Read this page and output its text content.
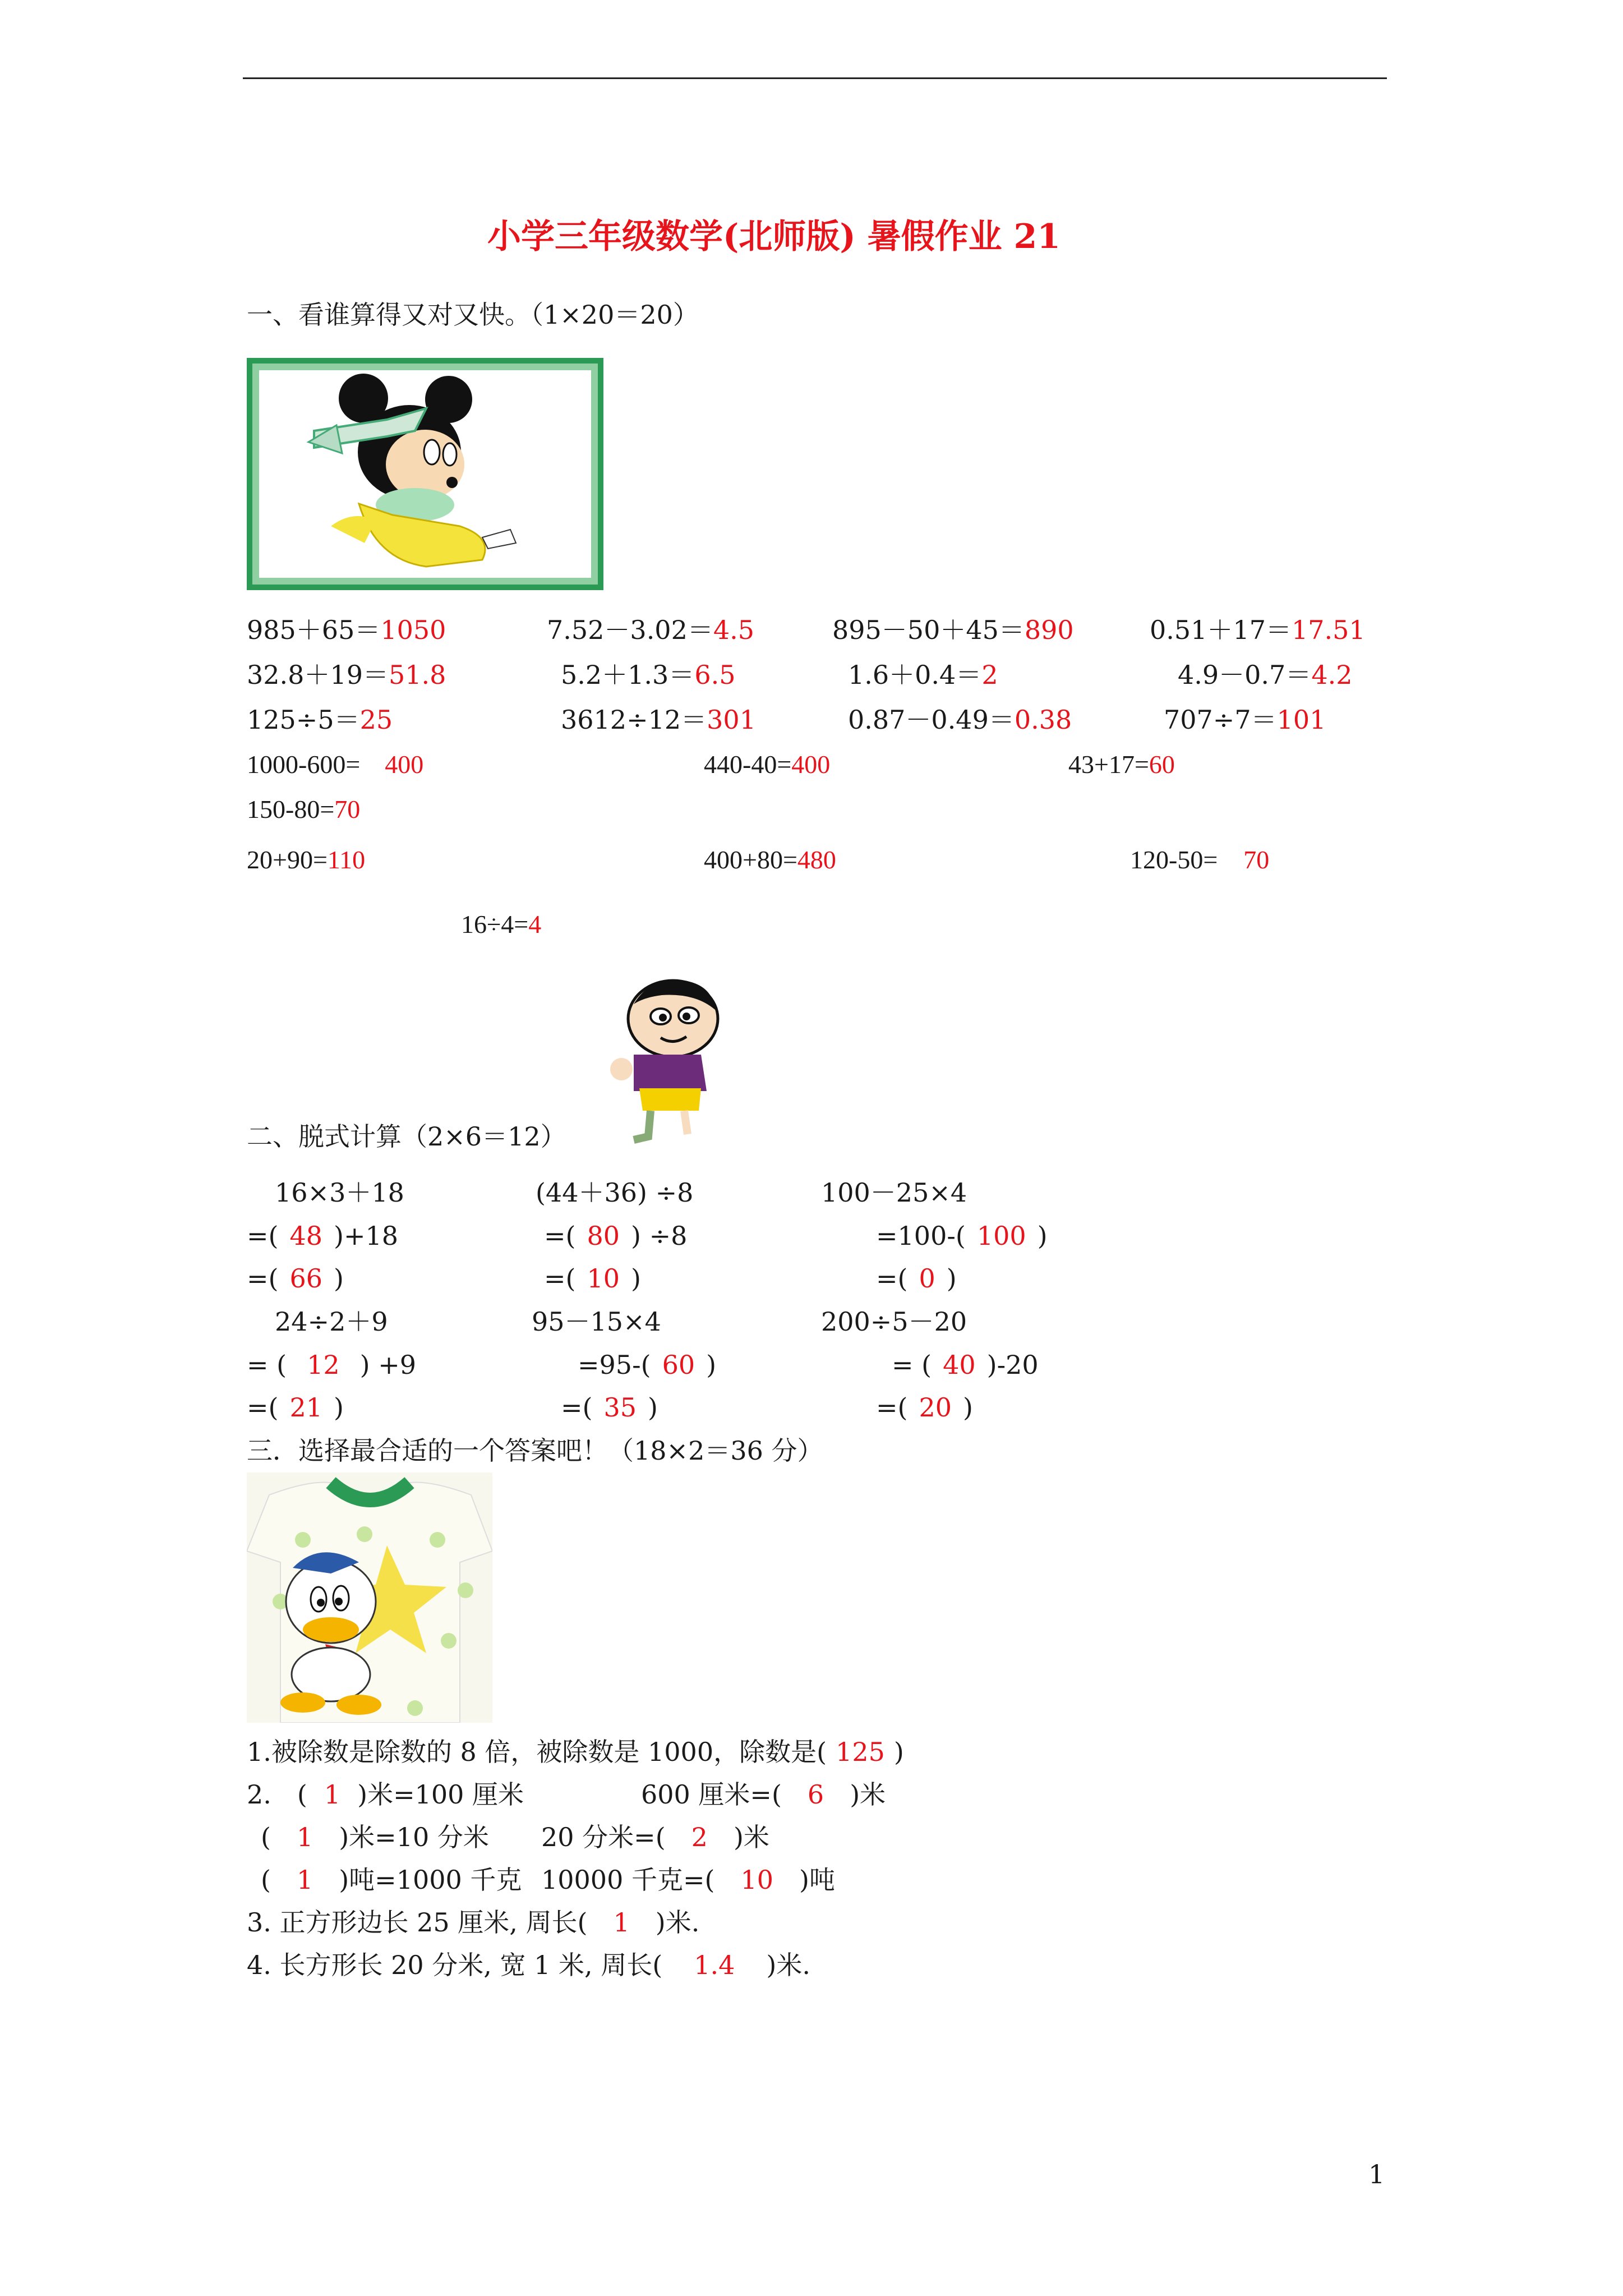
小学三年级数学(北师版) 暑假作业 21
一、看谁算得又对又快。（1×20＝20）
985＋65＝1050	7.52－3.02＝4.5	895－50＋45＝890	0.51＋17＝17.51
32.8＋19＝51.8	5.2＋1.3＝6.5	1.6＋0.4＝2	4.9－0.7＝4.2
125÷5＝25	3612÷12＝301	0.87－0.49＝0.38	707÷7＝101
1000-600= 400	440-40=400	43+17=60
150-80=70
20+90=110	400+80=480	120-50= 70
16÷4=4
二、脱式计算（2×6＝12）
16×3＋18
=( 48 )+18
=( 66 )
24÷2＋9
= ( 12 ) +9
=( 21 )
(44＋36) ÷8
=( 80 ) ÷8
=( 10 )
95－15×4
=95-( 60 )
=( 35 )
100－25×4
=100-( 100 )
=( 0 )
200÷5－20
= ( 40 )-20
=( 20 )
三．选择最合适的一个答案吧！（18×2＝36 分）
1.被除数是除数的 8 倍，被除数是 1000，除数是( 125 )
2.　( 1 )米=100 厘米	600 厘米=( 6 )米
( 1 )米=10 分米 20 分米=( 2 )米
( 1 )吨=1000 千克 10000 千克=( 10 )吨
3. 正方形边长 25 厘米, 周长( 1 )米.
4. 长方形长 20 分米, 宽 1 米, 周长( 1.4 )米.
1
